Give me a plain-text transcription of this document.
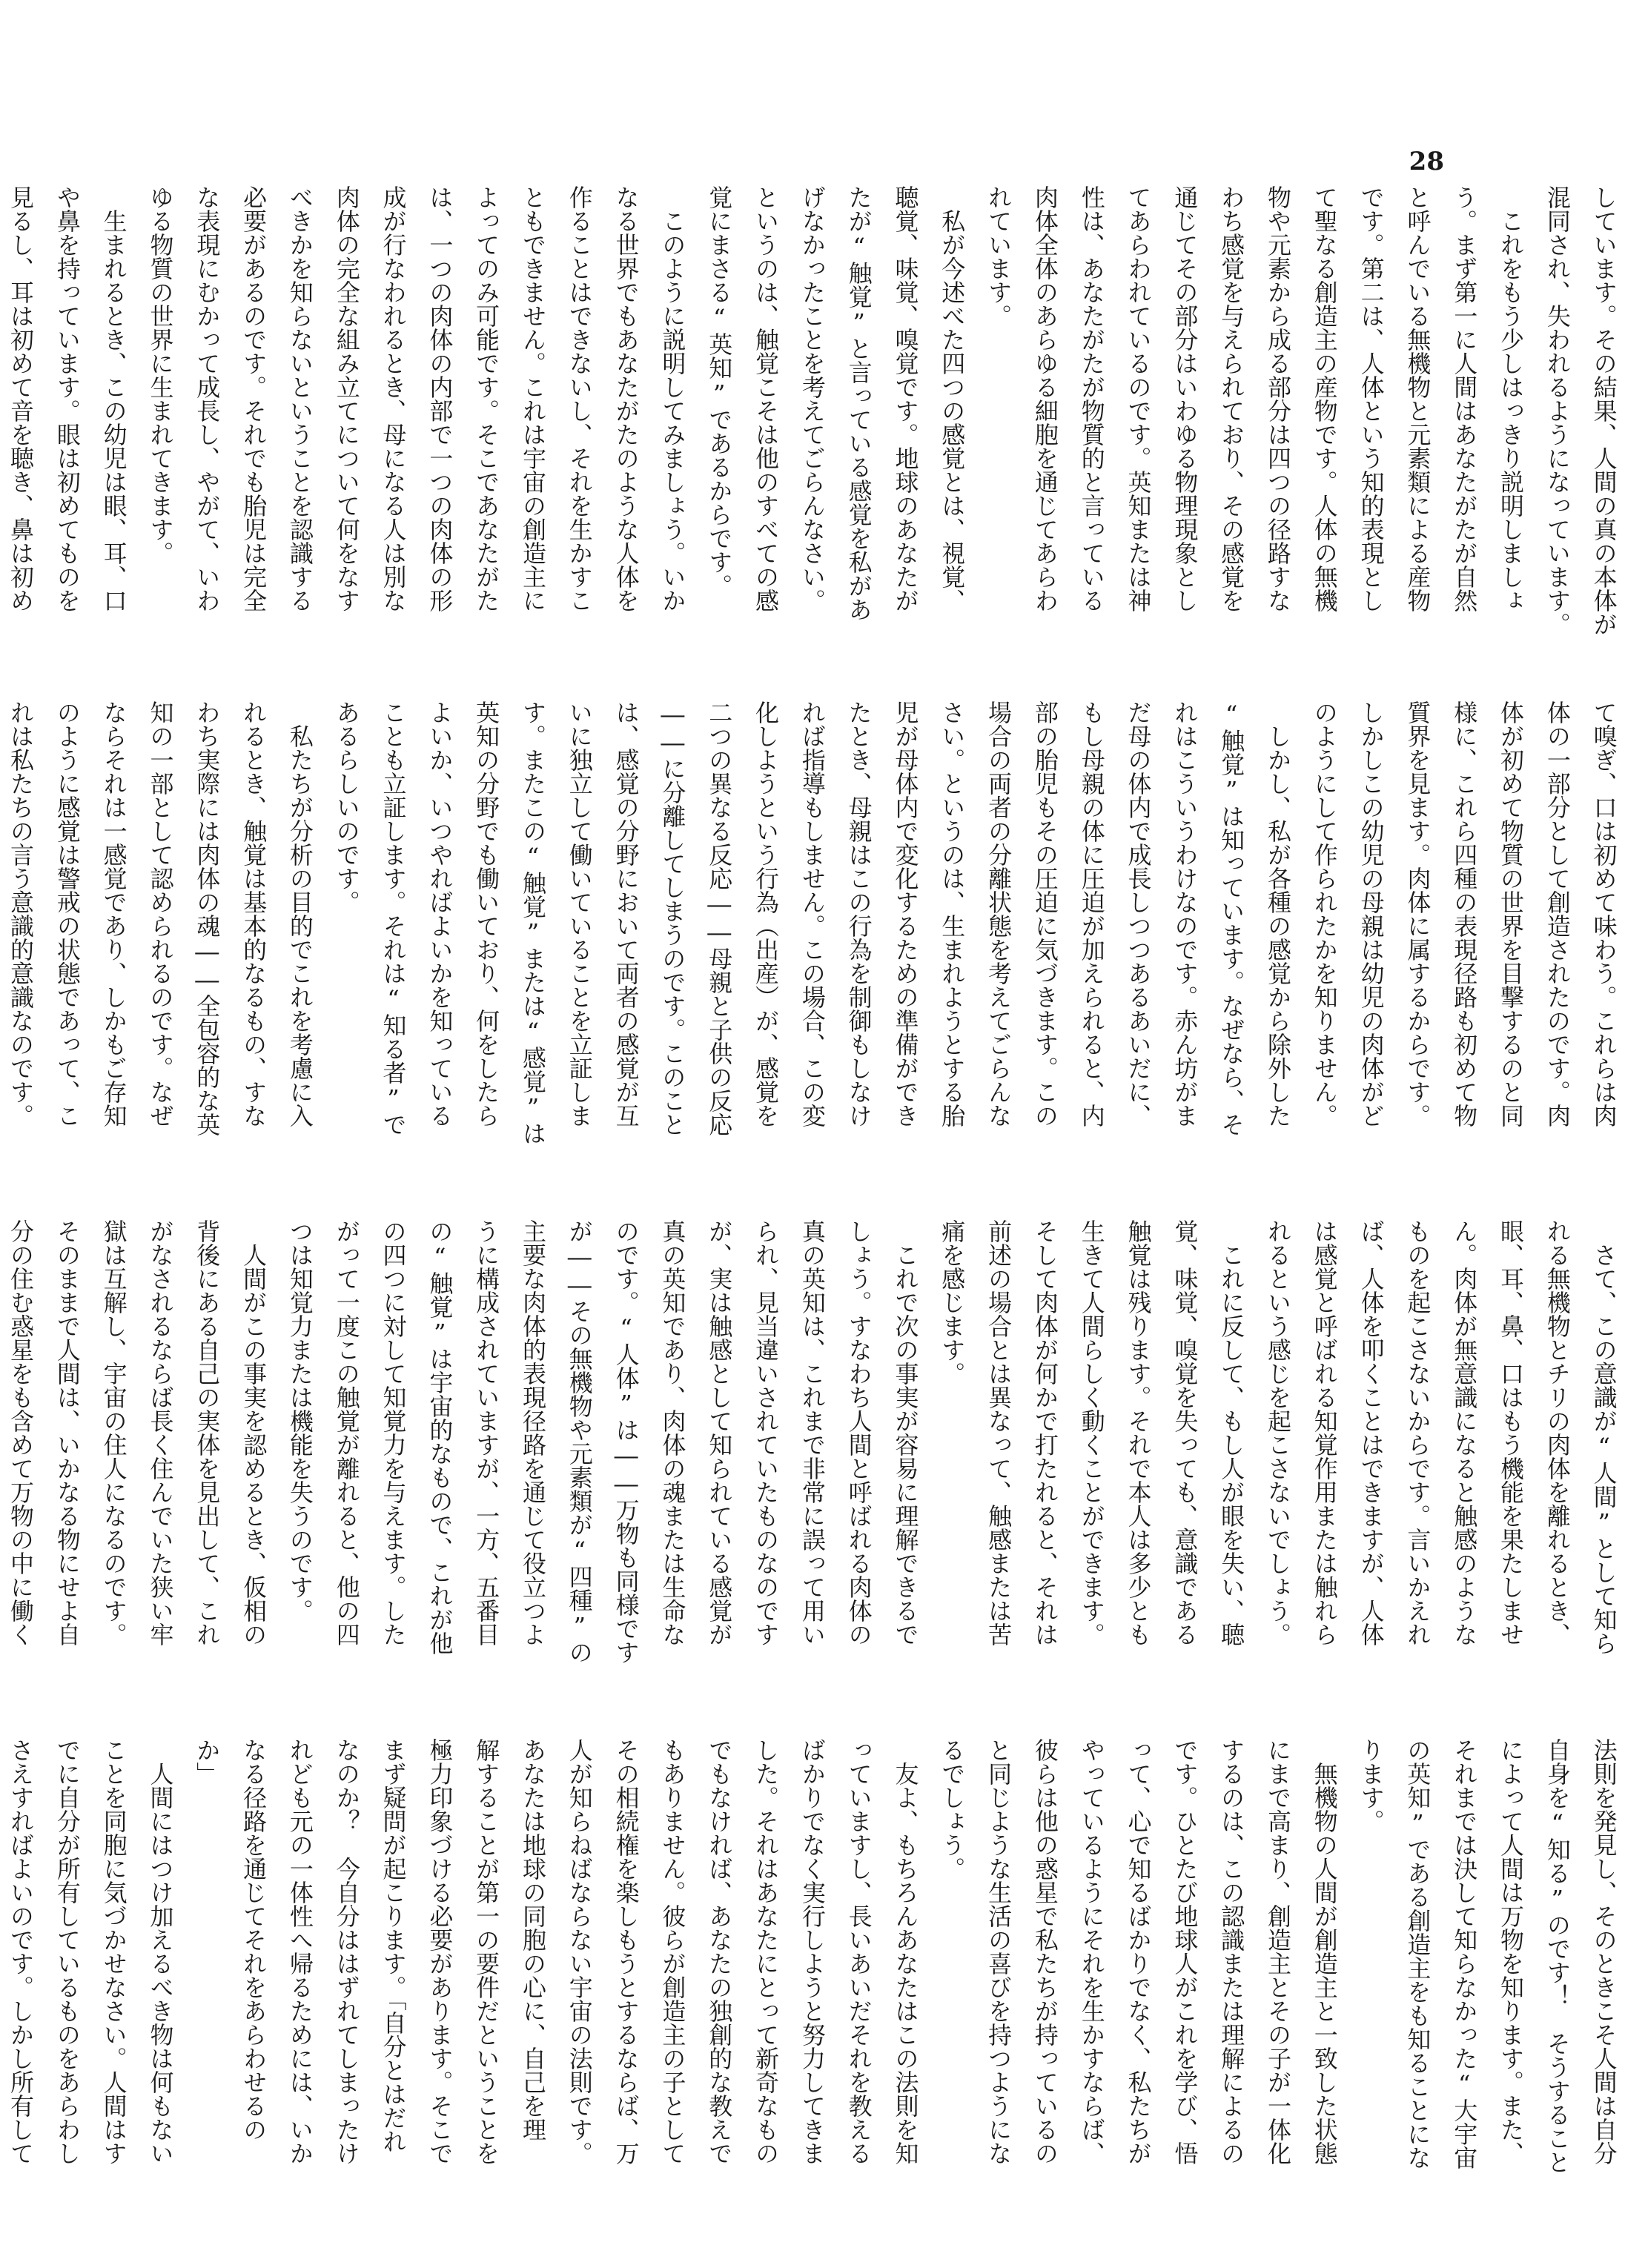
28
しています。その結果、人間の真の本体が
混同され、失われるようになっています。
　これをもう少しはっきり説明しましょ
う。まず第一に人間はあなたがたが自然
と呼んでいる無機物と元素類による産物
です。第二は、人体という知的表現とし
て聖なる創造主の産物です。人体の無機
物や元素から成る部分は四つの径路すな
わち感覚を与えられており、その感覚を
通じてその部分はいわゆる物理現象とし
てあらわれているのです。英知または神
性は、あなたがたが物質的と言っている
肉体全体のあらゆる細胞を通じてあらわ
れています。
　私が今述べた四つの感覚とは、視覚、
聴覚、味覚、嗅覚です。地球のあなたが
たが“触覚”と言っている感覚を私があ
げなかったことを考えてごらんなさい。
というのは、触覚こそは他のすべての感
覚にまさる“英知”であるからです。
　このように説明してみましょう。いか
なる世界でもあなたがたのような人体を
作ることはできないし、それを生かすこ
ともできません。これは宇宙の創造主に
よってのみ可能です。そこであなたがた
は、一つの肉体の内部で一つの肉体の形
成が行なわれるとき、母になる人は別な
肉体の完全な組み立てについて何をなす
べきかを知らないということを認識する
必要があるのです。それでも胎児は完全
な表現にむかって成長し、やがて、いわ
ゆる物質の世界に生まれてきます。
　生まれるとき、この幼児は眼、耳、口
や鼻を持っています。眼は初めてものを
見るし、耳は初めて音を聴き、鼻は初め
て嗅ぎ、口は初めて味わう。これらは肉
体の一部分として創造されたのです。肉
体が初めて物質の世界を目撃するのと同
様に、これら四種の表現径路も初めて物
質界を見ます。肉体に属するからです。
しかしこの幼児の母親は幼児の肉体がど
のようにして作られたかを知りません。
　しかし、私が各種の感覚から除外した
“触覚”は知っています。なぜなら、そ
れはこういうわけなのです。赤ん坊がま
だ母の体内で成長しつつあるあいだに、
もし母親の体に圧迫が加えられると、内
部の胎児もその圧迫に気づきます。この
場合の両者の分離状態を考えてごらんな
さい。というのは、生まれようとする胎
児が母体内で変化するための準備ができ
たとき、母親はこの行為を制御もしなけ
れば指導もしません。この場合、この変
化しようという行為（出産）が、感覚を
二つの異なる反応――母親と子供の反応
――に分離してしまうのです。このこと
は、感覚の分野において両者の感覚が互
いに独立して働いていることを立証しま
す。またこの“触覚”または“感覚”は
英知の分野でも働いており、何をしたら
よいか、いつやればよいかを知っている
ことも立証します。それは“知る者”で
あるらしいのです。
　私たちが分析の目的でこれを考慮に入
れるとき、触覚は基本的なるもの、すな
わち実際には肉体の魂――全包容的な英
知の一部として認められるのです。なぜ
ならそれは一感覚であり、しかもご存知
のように感覚は警戒の状態であって、こ
れは私たちの言う意識的意識なのです。
　さて、この意識が“人間”として知ら
れる無機物とチリの肉体を離れるとき、
眼、耳、鼻、口はもう機能を果たしませ
ん。肉体が無意識になると触感のような
ものを起こさないからです。言いかえれ
ば、人体を叩くことはできますが、人体
は感覚と呼ばれる知覚作用または触れら
れるという感じを起こさないでしょう。
　これに反して、もし人が眼を失い、聴
覚、味覚、嗅覚を失っても、意識である
触覚は残ります。それで本人は多少とも
生きて人間らしく動くことができます。
そして肉体が何かで打たれると、それは
前述の場合とは異なって、触感または苦
痛を感じます。
　これで次の事実が容易に理解できるで
しょう。すなわち人間と呼ばれる肉体の
真の英知は、これまで非常に誤って用い
られ、見当違いされていたものなのです
が、実は触感として知られている感覚が
真の英知であり、肉体の魂または生命な
のです。“人体”は――万物も同様です
が――その無機物や元素類が“四種”の
主要な肉体的表現径路を通じて役立つよ
うに構成されていますが、一方、五番目
の“触覚”は宇宙的なもので、これが他
の四つに対して知覚力を与えます。した
がって一度この触覚が離れると、他の四
つは知覚力または機能を失うのです。
　人間がこの事実を認めるとき、仮相の
背後にある自己の実体を見出して、これ
がなされるならば長く住んでいた狭い牢
獄は互解し、宇宙の住人になるのです。
そのままで人間は、いかなる物にせよ自
分の住む惑星をも含めて万物の中に働く
法則を発見し、そのときこそ人間は自分
自身を“知る”のです！　そうすること
によって人間は万物を知ります。また、
それまでは決して知らなかった“大宇宙
の英知”である創造主をも知ることにな
ります。
　無機物の人間が創造主と一致した状態
にまで高まり、創造主とその子が一体化
するのは、この認識または理解によるの
です。ひとたび地球人がこれを学び、悟
って、心で知るばかりでなく、私たちが
やっているようにそれを生かすならば、
彼らは他の惑星で私たちが持っているの
と同じような生活の喜びを持つようにな
るでしょう。
　友よ、もちろんあなたはこの法則を知
っていますし、長いあいだそれを教える
ばかりでなく実行しようと努力してきま
した。それはあなたにとって新奇なもの
でもなければ、あなたの独創的な教えで
もありません。彼らが創造主の子として
その相続権を楽しもうとするならば、万
人が知らねばならない宇宙の法則です。
あなたは地球の同胞の心に、自己を理
解することが第一の要件だということを
極力印象づける必要があります。そこで
まず疑問が起こります。「自分とはだれ
なのか？　今自分ははずれてしまったけ
れども元の一体性へ帰るためには、いか
なる径路を通じてそれをあらわせるの
か」
　人間にはつけ加えるべき物は何もない
ことを同胞に気づかせなさい。人間はす
でに自分が所有しているものをあらわし
さえすればよいのです。しかし所有して
